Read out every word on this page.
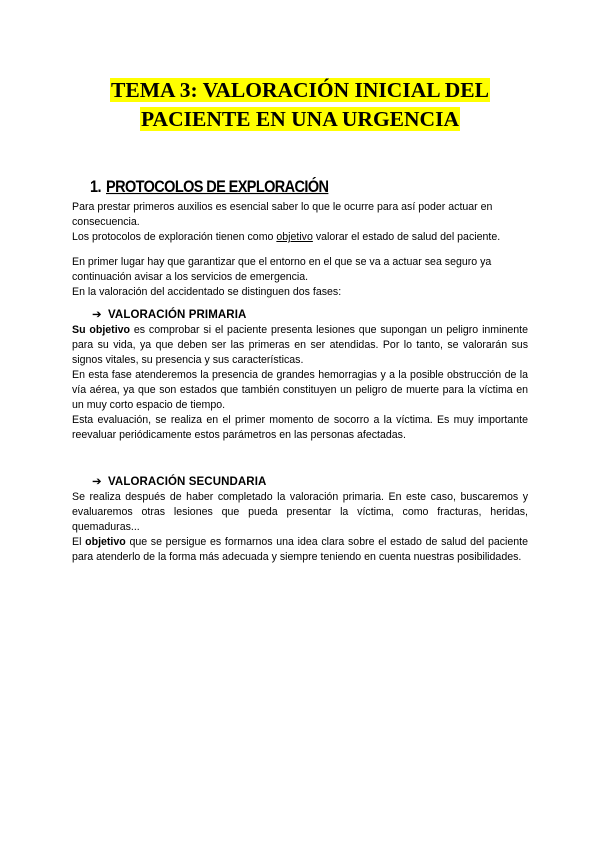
TEMA 3: VALORACIÓN INICIAL DEL
PACIENTE EN UNA URGENCIA
1. PROTOCOLOS DE EXPLORACIÓN

Para prestar primeros auxilios es esencial saber lo que le ocurre para así poder actuar en consecuencia.

Los protocolos de exploración tienen como objetivo valorar el estado de salud del paciente.

En primer lugar hay que garantizar que el entorno en el que se va a actuar sea seguro ya continuación avisar a los servicios de emergencia.

En la valoración del accidentado se distinguen dos fases:

➔ VALORACIÓN PRIMARIA

Su objetivo es comprobar si el paciente presenta lesiones que supongan un peligro inminente para su vida, ya que deben ser las primeras en ser atendidas. Por lo tanto, se valorarán sus signos vitales, su presencia y sus características.

En esta fase atenderemos la presencia de grandes hemorragias y a la posible obstrucción de la vía aérea, ya que son estados que también constituyen un peligro de muerte para la víctima en un muy corto espacio de tiempo.

Esta evaluación, se realiza en el primer momento de socorro a la víctima. Es muy importante reevaluar periódicamente estos parámetros en las personas afectadas.

➔ VALORACIÓN SECUNDARIA

Se realiza después de haber completado la valoración primaria. En este caso, buscaremos y evaluaremos otras lesiones que pueda presentar la víctima, como fracturas, heridas, quemaduras...

El objetivo que se persigue es formarnos una idea clara sobre el estado de salud del paciente para atenderlo de la forma más adecuada y siempre teniendo en cuenta nuestras posibilidades.
